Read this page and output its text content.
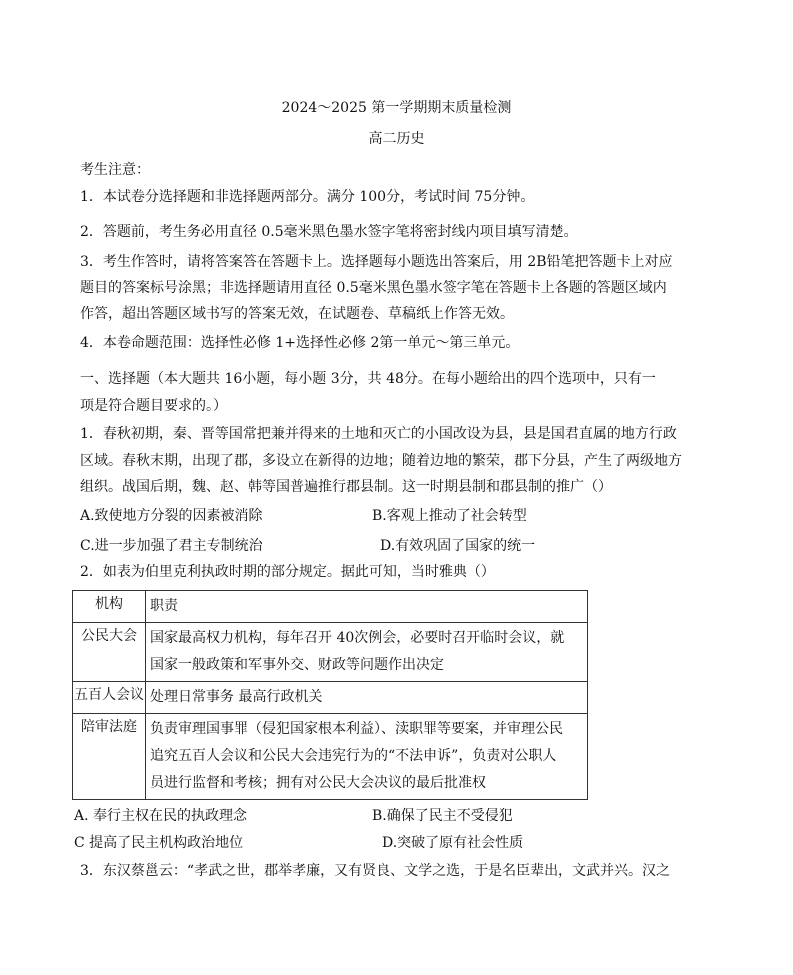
2024～2025 第一学期期末质量检测
高二历史
考生注意：
1．本试卷分选择题和非选择题两部分。满分 100分，考试时间 75分钟。
2．答题前，考生务必用直径 0.5毫米黑色墨水签字笔将密封线内项目填写清楚。
3．考生作答时，请将答案答在答题卡上。选择题每小题选出答案后，用 2B铅笔把答题卡上对应
题目的答案标号涂黑；非选择题请用直径 0.5毫米黑色墨水签字笔在答题卡上各题的答题区域内
作答，超出答题区域书写的答案无效，在试题卷、草稿纸上作答无效。
4．本卷命题范围：选择性必修 1+选择性必修 2第一单元～第三单元。
一、选择题（本大题共 16小题，每小题 3分，共 48分。在每小题给出的四个选项中，只有一
项是符合题目要求的。）
1．春秋初期，秦、晋等国常把兼并得来的土地和灭亡的小国改设为县，县是国君直属的地方行政
区域。春秋末期，出现了郡，多设立在新得的边地；随着边地的繁荣，郡下分县，产生了两级地方
组织。战国后期，魏、赵、韩等国普遍推行郡县制。这一时期县制和郡县制的推广（）
A.致使地方分裂的因素被消除	B.客观上推动了社会转型
C.进一步加强了君主专制统治	D.有效巩固了国家的统一
2．如表为伯里克利执政时期的部分规定。据此可知，当时雅典（）
机构	职责
公民大会	国家最高权力机构，每年召开 40次例会，必要时召开临时会议，就
国家一般政策和军事外交、财政等问题作出决定

五百人会议	处理日常事务 最高行政机关

陪审法庭	负责审理国事罪（侵犯国家根本利益）、渎职罪等要案，并审理公民
追究五百人会议和公民大会违宪行为的“不法申诉”，负责对公职人
员进行监督和考核；拥有对公民大会决议的最后批准权
A. 奉行主权在民的执政理念	B.确保了民主不受侵犯
C 提高了民主机构政治地位	D.突破了原有社会性质
3．东汉蔡邕云：“孝武之世，郡举孝廉，又有贤良、文学之选，于是名臣辈出，文武并兴。汉之
